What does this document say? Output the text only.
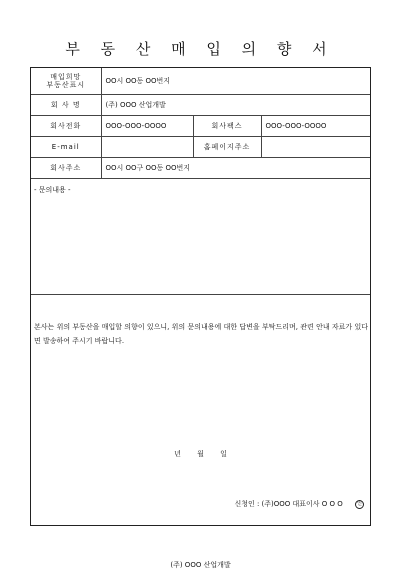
부 동 산 매 입 의 향 서
매입희망
부동산표시	OO시 OO동 OO번지		
회 사 명	(주) OOO 산업개발		
회사전화	OOO-OOO-OOOO	회사팩스	OOO-OOO-OOOO
E-mail		홈페이지주소	
회사주소	OO시 OO구 OO동 OO번지		
- 문의내용 -
본사는 위의 부동산을 매입할 의향이 있으니, 위의 문의내용에 대한 답변을 부탁드리며, 관련 안내 자료가 있다면 발송하여 주시기 바랍니다.
년 월 일
신청인 : (주)OOO 대표이사 O O O	인
(주) OOO 산업개발
